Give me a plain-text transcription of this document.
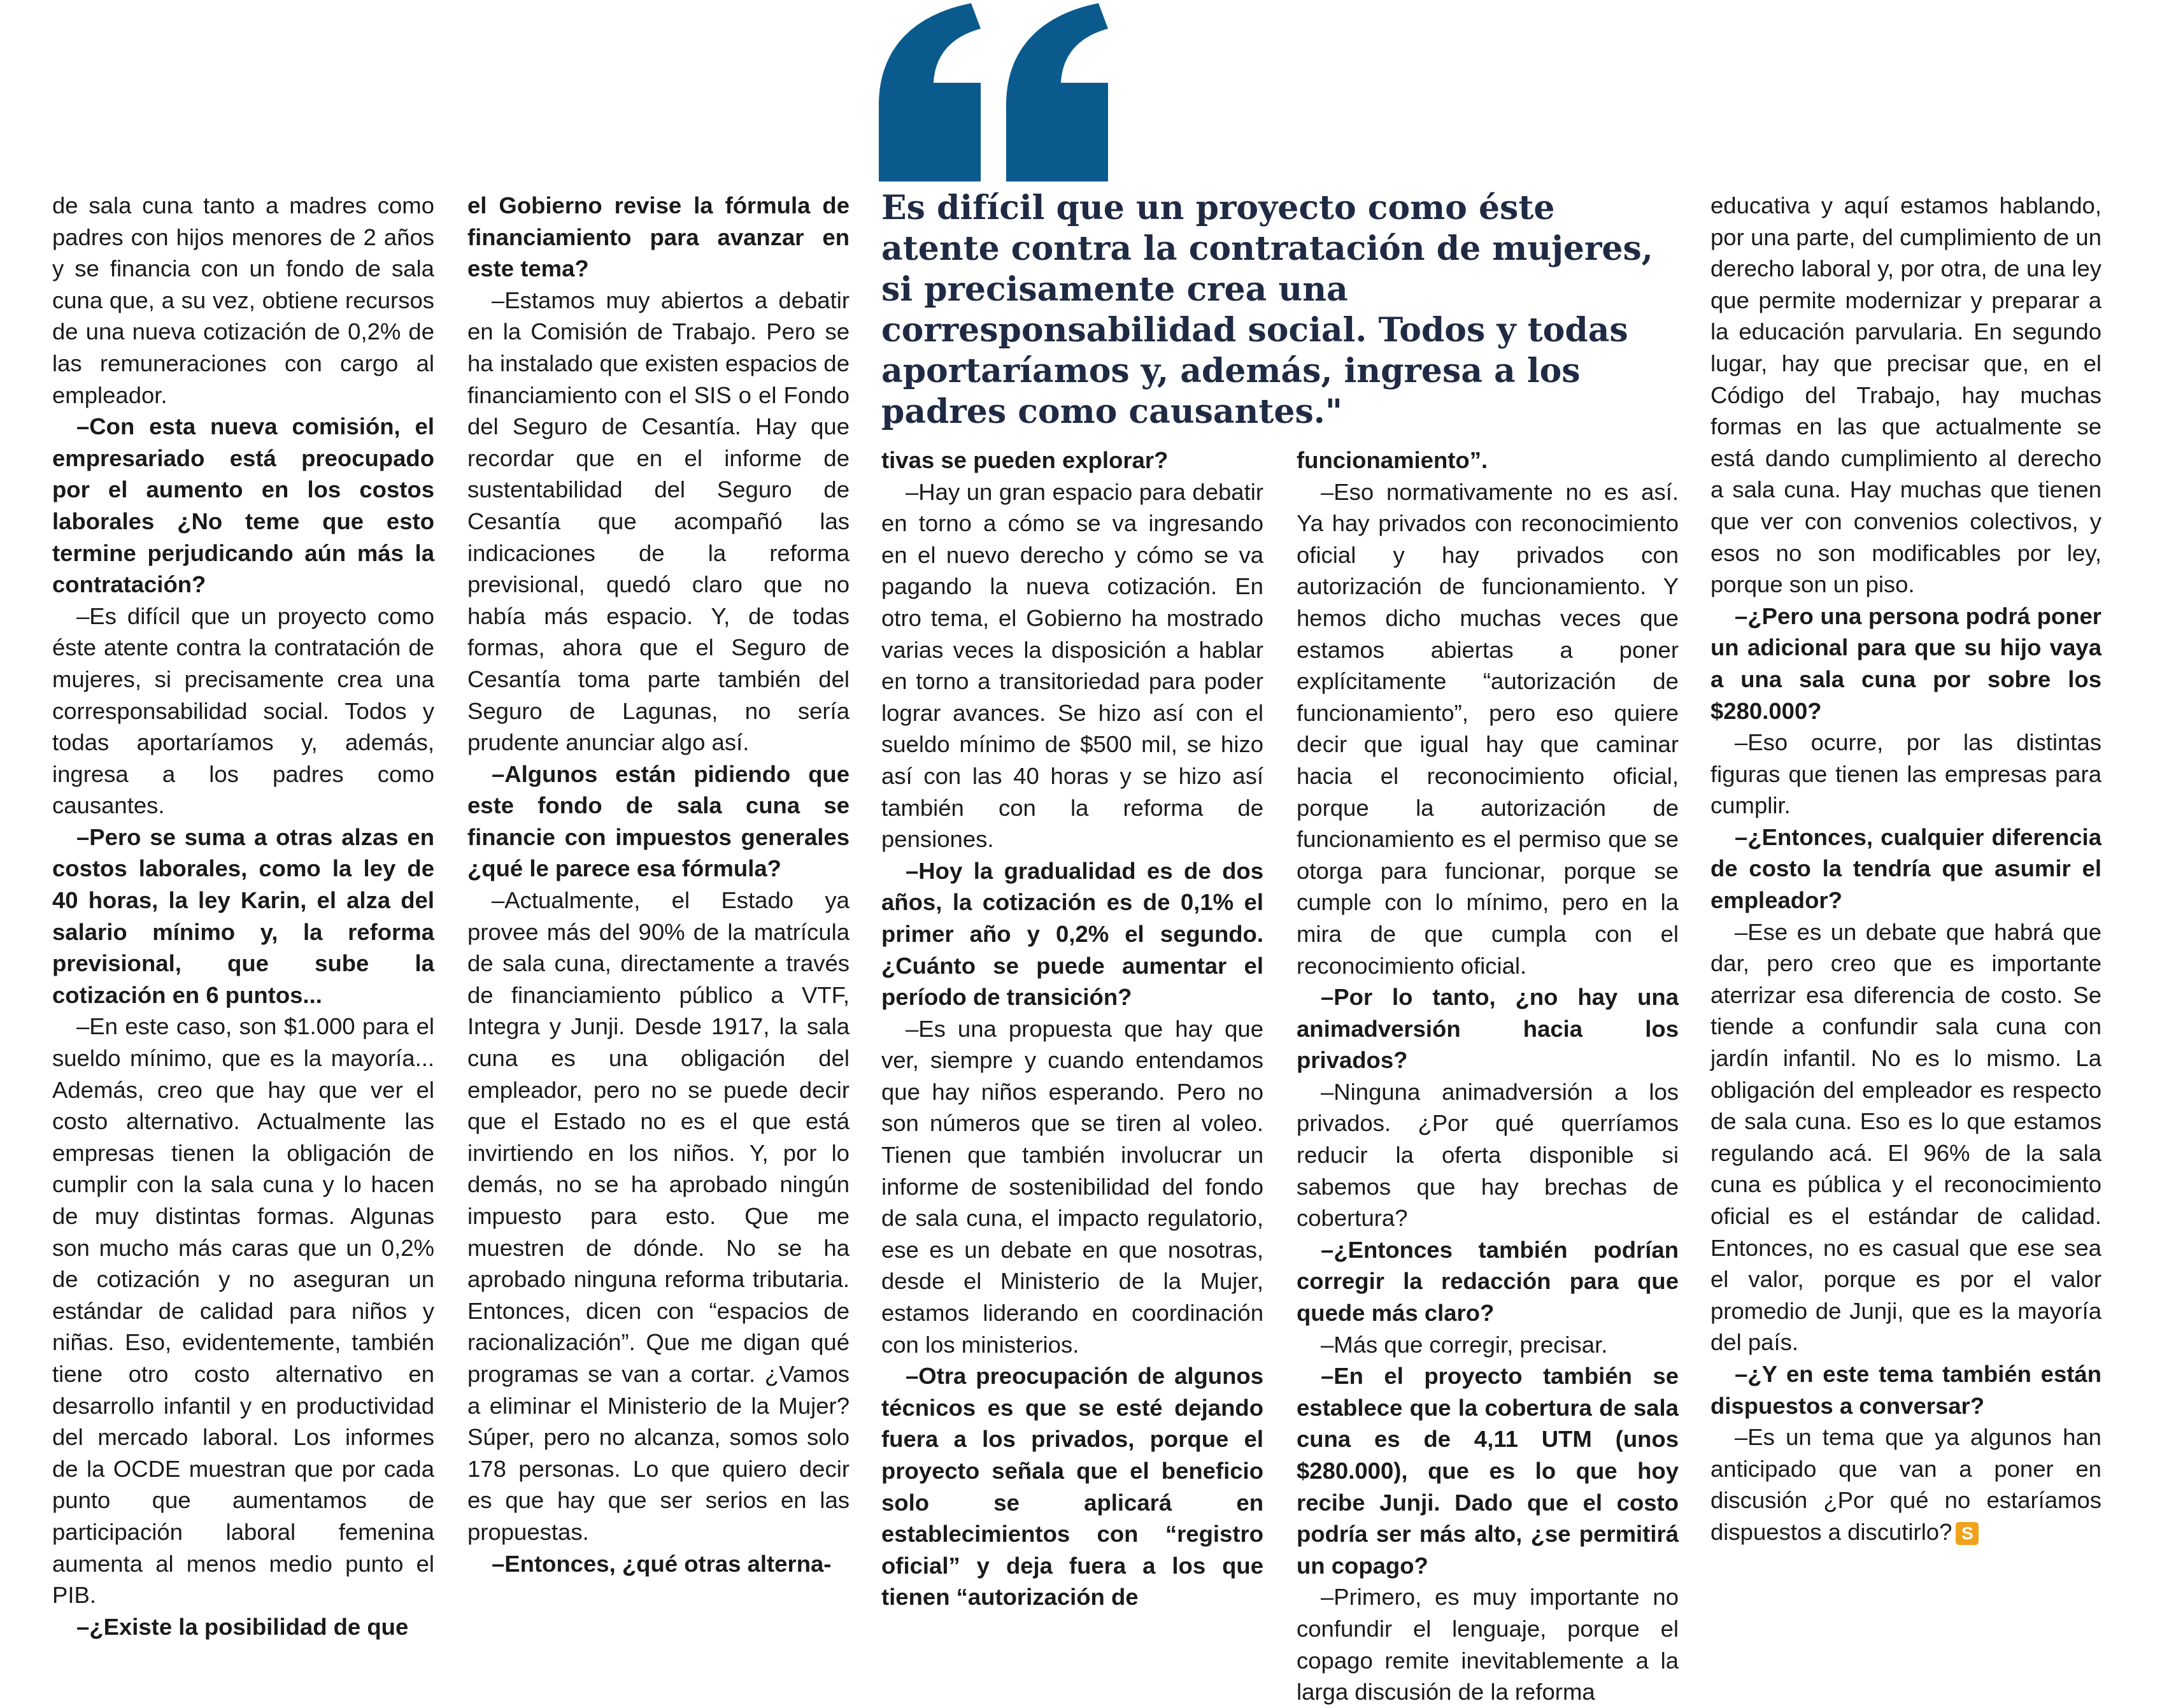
Es difícil que un proyecto como éste atente contra la contratación de mujeres, si precisamente crea una corresponsabilidad social. Todos y todas aportaríamos y, además, ingresa a los padres como causantes."

de sala cuna tanto a madres como padres con hijos menores de 2 años y se financia con un fondo de sala cuna que, a su vez, obtiene recursos de una nueva cotización de 0,2% de las remuneraciones con cargo al empleador.

–Con esta nueva comisión, el empresariado está preocupado por el aumento en los costos laborales ¿No teme que esto termine perjudicando aún más la contratación?

–Es difícil que un proyecto como éste atente contra la contratación de mujeres, si precisamente crea una corresponsabilidad social. Todos y todas aportaríamos y, además, ingresa a los padres como causantes.

–Pero se suma a otras alzas en costos laborales, como la ley de 40 horas, la ley Karin, el alza del salario mínimo y, la reforma previsional, que sube la cotización en 6 puntos...

–En este caso, son $1.000 para el sueldo mínimo, que es la mayoría... Además, creo que hay que ver el costo alternativo. Actualmente las empresas tienen la obligación de cumplir con la sala cuna y lo hacen de muy distintas formas. Algunas son mucho más caras que un 0,2% de cotización y no aseguran un estándar de calidad para niños y niñas. Eso, evidentemente, también tiene otro costo alternativo en desarrollo infantil y en productividad del mercado laboral. Los informes de la OCDE muestran que por cada punto que aumentamos de participación laboral femenina aumenta al menos medio punto el PIB.

–¿Existe la posibilidad de que

el Gobierno revise la fórmula de financiamiento para avanzar en este tema?

–Estamos muy abiertos a debatir en la Comisión de Trabajo. Pero se ha instalado que existen espacios de financiamiento con el SIS o el Fondo del Seguro de Cesantía. Hay que recordar que en el informe de sustentabilidad del Seguro de Cesantía que acompañó las indicaciones de la reforma previsional, quedó claro que no había más espacio. Y, de todas formas, ahora que el Seguro de Cesantía toma parte también del Seguro de Lagunas, no sería prudente anunciar algo así.

–Algunos están pidiendo que este fondo de sala cuna se financie con impuestos generales ¿qué le parece esa fórmula?

–Actualmente, el Estado ya provee más del 90% de la matrícula de sala cuna, directamente a través de financiamiento público a VTF, Integra y Junji. Desde 1917, la sala cuna es una obligación del empleador, pero no se puede decir que el Estado no es el que está invirtiendo en los niños. Y, por lo demás, no se ha aprobado ningún impuesto para esto. Que me muestren de dónde. No se ha aprobado ninguna reforma tributaria. Entonces, dicen con “espacios de racionalización”. Que me digan qué programas se van a cortar. ¿Vamos a eliminar el Ministerio de la Mujer? Súper, pero no alcanza, somos solo 178 personas. Lo que quiero decir es que hay que ser serios en las propuestas.

–Entonces, ¿qué otras alterna-

tivas se pueden explorar?

–Hay un gran espacio para debatir en torno a cómo se va ingresando en el nuevo derecho y cómo se va pagando la nueva cotización. En otro tema, el Gobierno ha mostrado varias veces la disposición a hablar en torno a transitoriedad para poder lograr avances. Se hizo así con el sueldo mínimo de $500 mil, se hizo así con las 40 horas y se hizo así también con la reforma de pensiones.

–Hoy la gradualidad es de dos años, la cotización es de 0,1% el primer año y 0,2% el segundo. ¿Cuánto se puede aumentar el período de transición?

–Es una propuesta que hay que ver, siempre y cuando entendamos que hay niños esperando. Pero no son números que se tiren al voleo. Tienen que también involucrar un informe de sostenibilidad del fondo de sala cuna, el impacto regulatorio, ese es un debate en que nosotras, desde el Ministerio de la Mujer, estamos liderando en coordinación con los ministerios.

–Otra preocupación de algunos técnicos es que se esté dejando fuera a los privados, porque el proyecto señala que el beneficio solo se aplicará en establecimientos con “registro oficial” y deja fuera a los que tienen “autorización de

funcionamiento”.

–Eso normativamente no es así. Ya hay privados con reconocimiento oficial y hay privados con autorización de funcionamiento. Y hemos dicho muchas veces que estamos abiertas a poner explícitamente “autorización de funcionamiento”, pero eso quiere decir que igual hay que caminar hacia el reconocimiento oficial, porque la autorización de funcionamiento es el permiso que se otorga para funcionar, porque se cumple con lo mínimo, pero en la mira de que cumpla con el reconocimiento oficial.

–Por lo tanto, ¿no hay una animadversión hacia los privados?

–Ninguna animadversión a los privados. ¿Por qué querríamos reducir la oferta disponible si sabemos que hay brechas de cobertura?

–¿Entonces también podrían corregir la redacción para que quede más claro?

–Más que corregir, precisar.

–En el proyecto también se establece que la cobertura de sala cuna es de 4,11 UTM (unos $280.000), que es lo que hoy recibe Junji. Dado que el costo podría ser más alto, ¿se permitirá un copago?

–Primero, es muy importante no confundir el lenguaje, porque el copago remite inevitablemente a la larga discusión de la reforma

educativa y aquí estamos hablando, por una parte, del cumplimiento de un derecho laboral y, por otra, de una ley que permite modernizar y preparar a la educación parvularia. En segundo lugar, hay que precisar que, en el Código del Trabajo, hay muchas formas en las que actualmente se está dando cumplimiento al derecho a sala cuna. Hay muchas que tienen que ver con convenios colectivos, y esos no son modificables por ley, porque son un piso.

–¿Pero una persona podrá poner un adicional para que su hijo vaya a una sala cuna por sobre los $280.000?

–Eso ocurre, por las distintas figuras que tienen las empresas para cumplir.

–¿Entonces, cualquier diferencia de costo la tendría que asumir el empleador?

–Ese es un debate que habrá que dar, pero creo que es importante aterrizar esa diferencia de costo. Se tiende a confundir sala cuna con jardín infantil. No es lo mismo. La obligación del empleador es respecto de sala cuna. Eso es lo que estamos regulando acá. El 96% de la sala cuna es pública y el reconocimiento oficial es el estándar de calidad. Entonces, no es casual que ese sea el valor, porque es por el valor promedio de Junji, que es la mayoría del país.

–¿Y en este tema también están dispuestos a conversar?

–Es un tema que ya algunos han anticipado que van a poner en discusión ¿Por qué no estaríamos dispuestos a discutirlo? S
